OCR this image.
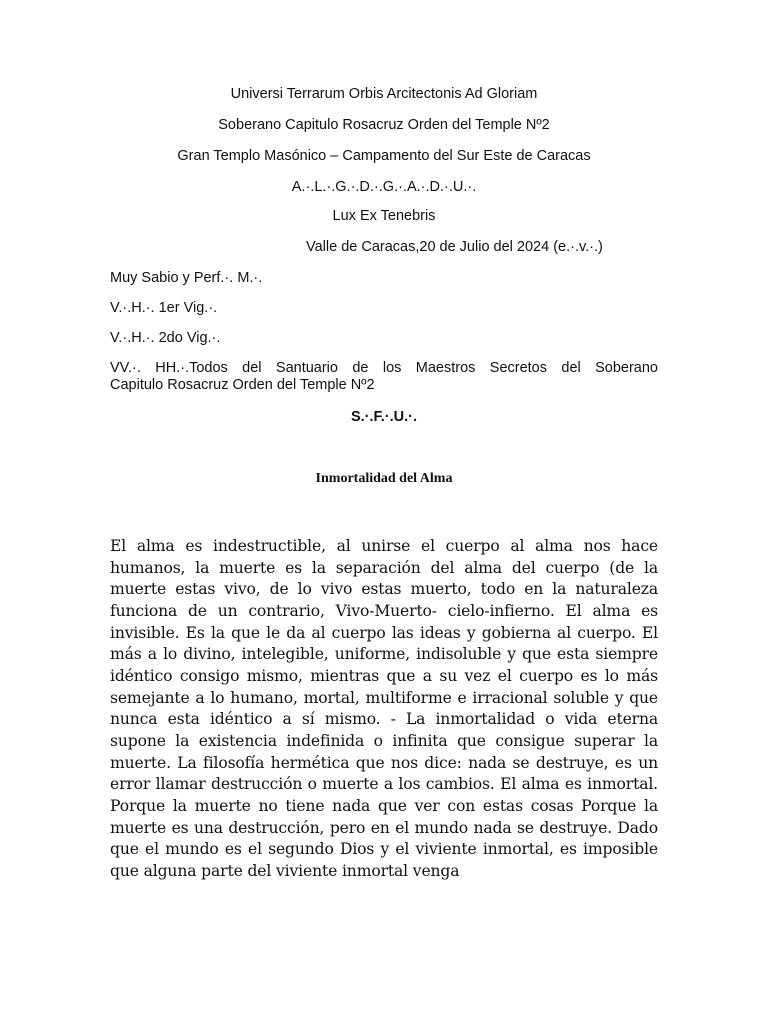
Universi Terrarum Orbis Arcitectonis Ad Gloriam
Soberano Capitulo Rosacruz Orden del Temple Nº2
Gran Templo Masónico – Campamento del Sur Este de Caracas
A.·.L.·.G.·.D.·.G.·.A.·.D.·.U.·.
Lux Ex Tenebris
Valle de Caracas,20 de Julio del 2024 (e.·.v.·.)
Muy Sabio y Perf.·. M.·.
V.·.H.·. 1er Vig.·.
V.·.H.·. 2do Vig.·.
VV.·. HH.·.Todos del Santuario de los Maestros Secretos del Soberano
Capitulo Rosacruz Orden del Temple Nº2
S.·.F.·.U.·.
Inmortalidad del Alma

El alma es indestructible, al unirse el cuerpo al alma nos hace humanos, la muerte es la separación del alma del cuerpo (de la muerte estas vivo, de lo vivo estas muerto, todo en la naturaleza funciona de un contrario, Vivo-Muerto- cielo-infierno. El alma es invisible. Es la que le da al cuerpo las ideas y gobierna al cuerpo. El más a lo divino, intelegible, uniforme, indisoluble y que esta siempre idéntico consigo mismo, mientras que a su vez el cuerpo es lo más semejante a lo humano, mortal, multiforme e irracional soluble y que nunca esta idéntico a sí mismo. - La inmortalidad o vida eterna supone la existencia indefinida o infinita que consigue superar la muerte. La filosofía hermética que nos dice: nada se destruye, es un error llamar destrucción o muerte a los cambios. El alma es inmortal. Porque la muerte no tiene nada que ver con estas cosas Porque la muerte es una destrucción, pero en el mundo nada se destruye. Dado que el mundo es el segundo Dios y el viviente inmortal, es imposible que alguna parte del viviente inmortal venga
